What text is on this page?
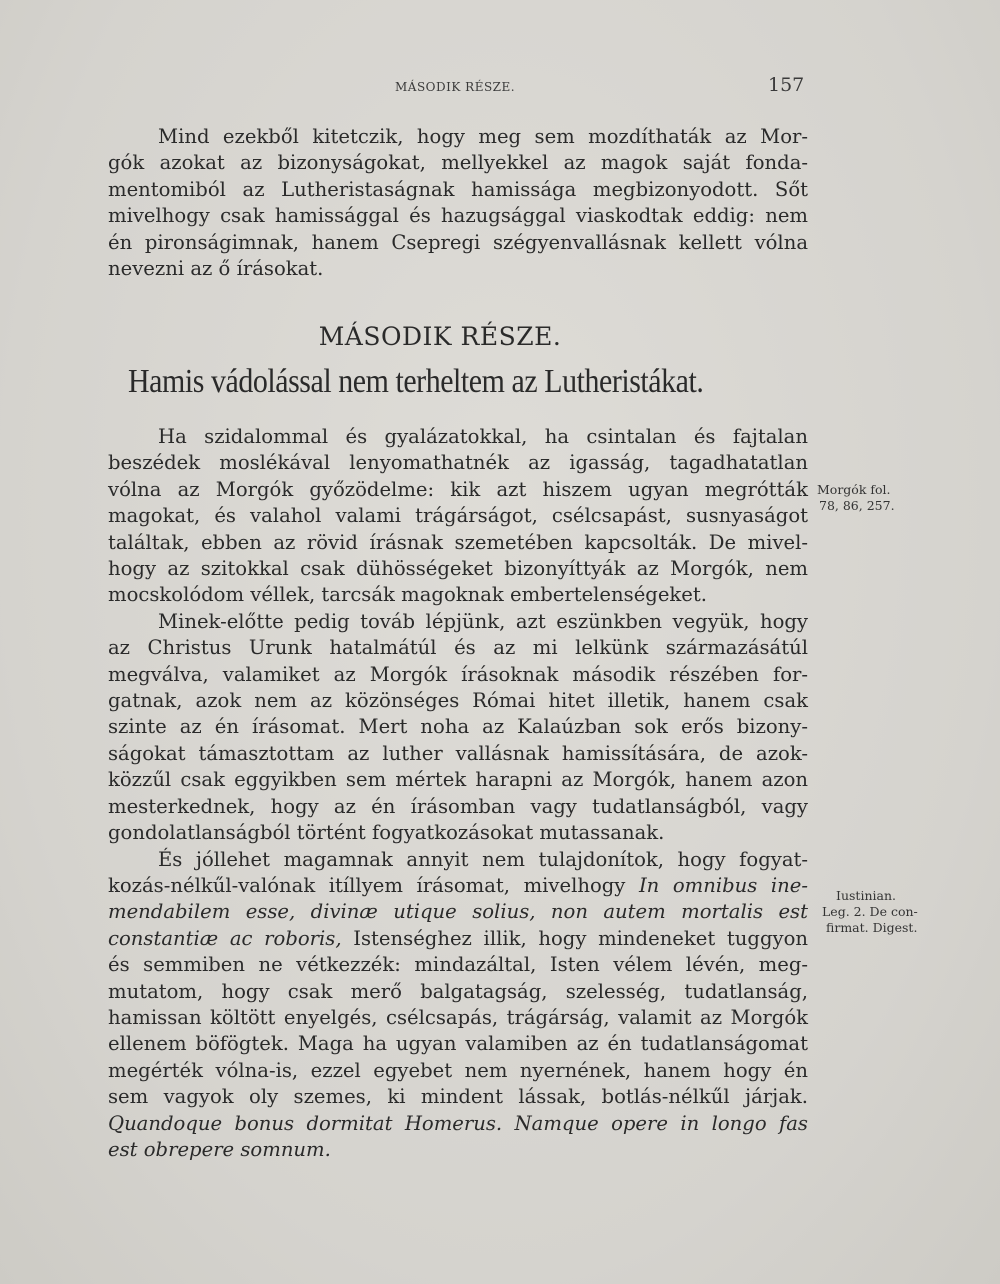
MÁSODIK RÉSZE.	157
Mind ezekből kitetczik, hogy meg sem mozdíthaták az Mor-
gók azokat az bizonyságokat, mellyekkel az magok saját fonda-
mentomiból az Lutheristaságnak hamissága megbizonyodott. Sőt
mivelhogy csak hamissággal és hazugsággal viaskodtak eddig: nem
én pironságimnak, hanem Csepregi szégyenvallásnak kellett vólna
nevezni az ő írásokat.
MÁSODIK RÉSZE.
Hamis vádolással nem terheltem az Lutheristákat.
Ha szidalommal és gyalázatokkal, ha csintalan és fajtalan
beszédek moslékával lenyomathatnék az igasság, tagadhatatlan
vólna az Morgók győzödelme: kik azt hiszem ugyan megrótták
magokat, és valahol valami trágárságot, csélcsapást, susnyaságot
találtak, ebben az rövid írásnak szemetében kapcsolták. De mivel-
hogy az szitokkal csak dühösségeket bizonyíttyák az Morgók, nem
mocskolódom véllek, tarcsák magoknak embertelenségeket.
Minek-előtte pedig továb lépjünk, azt eszünkben vegyük, hogy
az Christus Urunk hatalmátúl és az mi lelkünk származásátúl
megválva, valamiket az Morgók írásoknak második részében for-
gatnak, azok nem az közönséges Római hitet illetik, hanem csak
szinte az én írásomat. Mert noha az Kalaúzban sok erős bizony-
ságokat támasztottam az luther vallásnak hamissítására, de azok-
közzűl csak eggyikben sem mértek harapni az Morgók, hanem azon
mesterkednek, hogy az én írásomban vagy tudatlanságból, vagy
gondolatlanságból történt fogyatkozásokat mutassanak.
És jóllehet magamnak annyit nem tulajdonítok, hogy fogyat-
kozás-nélkűl-valónak itíllyem írásomat, mivelhogy In omnibus ine-
mendabilem esse, divinæ utique solius, non autem mortalis est
constantiæ ac roboris, Istenséghez illik, hogy mindeneket tuggyon
és semmiben ne vétkezzék: mindazáltal, Isten vélem lévén, meg-
mutatom, hogy csak merő balgatagság, szelesség, tudatlanság,
hamissan költött enyelgés, csélcsapás, trágárság, valamit az Morgók
ellenem böfögtek. Maga ha ugyan valamiben az én tudatlanságomat
megérték vólna-is, ezzel egyebet nem nyernének, hanem hogy én
sem vagyok oly szemes, ki mindent lássak, botlás-nélkűl járjak.
Quandoque bonus dormitat Homerus. Namque opere in longo fas
est obrepere somnum.
Morgók fol.
78, 86, 257.
Iustinian.
Leg. 2. De con-
firmat. Digest.
